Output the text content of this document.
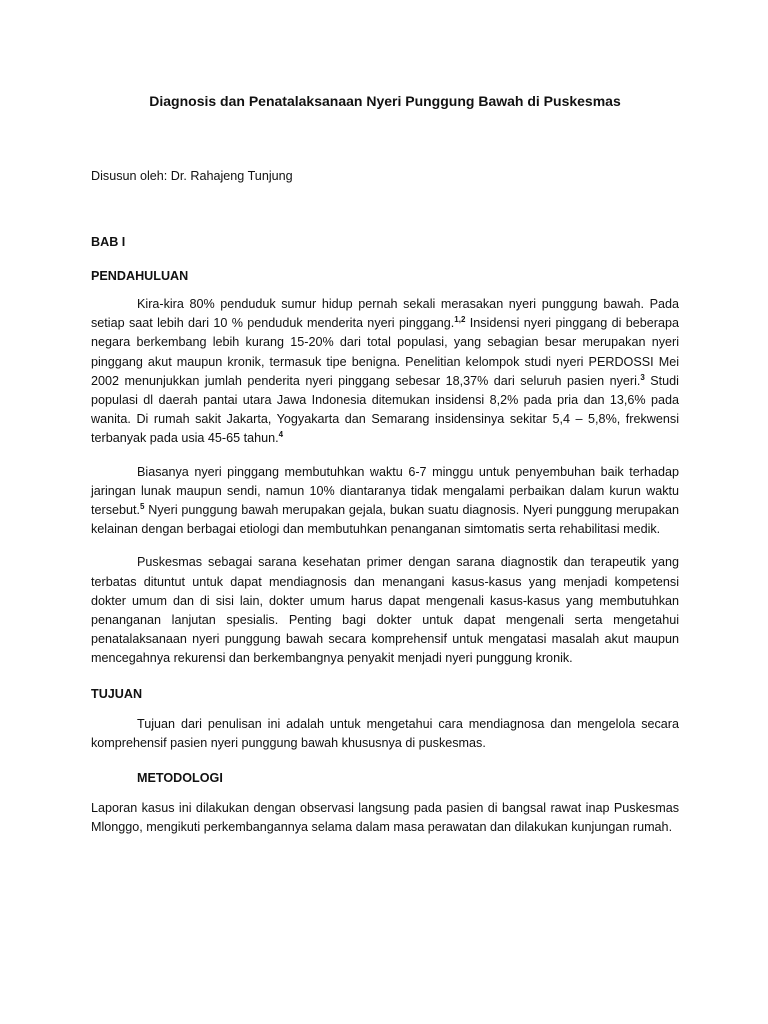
Diagnosis dan Penatalaksanaan Nyeri Punggung Bawah di Puskesmas

Disusun oleh: Dr. Rahajeng Tunjung

BAB I

PENDAHULUAN

Kira-kira 80% penduduk sumur hidup pernah sekali merasakan nyeri punggung bawah. Pada setiap saat lebih dari 10 % penduduk menderita nyeri pinggang.$^{1,2}$ Insidensi nyeri pinggang di beberapa negara berkembang lebih kurang 15-20% dari total populasi, yang sebagian besar merupakan nyeri pinggang akut maupun kronik, termasuk tipe benigna. Penelitian kelompok studi nyeri PERDOSSI Mei 2002 menunjukkan jumlah penderita nyeri pinggang sebesar 18,37% dari seluruh pasien nyeri.$^3$ Studi populasi dl daerah pantai utara Jawa Indonesia ditemukan insidensi 8,2% pada pria dan 13,6% pada wanita. Di rumah sakit Jakarta, Yogyakarta dan Semarang insidensinya sekitar 5,4 – 5,8%, frekwensi terbanyak pada usia 45-65 tahun.$^4$

Biasanya nyeri pinggang membutuhkan waktu 6-7 minggu untuk penyembuhan baik terhadap jaringan lunak maupun sendi, namun 10% diantaranya tidak mengalami perbaikan dalam kurun waktu tersebut.$^5$ Nyeri punggung bawah merupakan gejala, bukan suatu diagnosis. Nyeri punggung merupakan kelainan dengan berbagai etiologi dan membutuhkan penanganan simtomatis serta rehabilitasi medik.

Puskesmas sebagai sarana kesehatan primer dengan sarana diagnostik dan terapeutik yang terbatas dituntut untuk dapat mendiagnosis dan menangani kasus-kasus yang menjadi kompetensi dokter umum dan di sisi lain, dokter umum harus dapat mengenali kasus-kasus yang membutuhkan penanganan lanjutan spesialis. Penting bagi dokter untuk dapat mengenali serta mengetahui penatalaksanaan nyeri punggung bawah secara komprehensif untuk mengatasi masalah akut maupun mencegahnya rekurensi dan berkembangnya penyakit menjadi nyeri punggung kronik.

TUJUAN

Tujuan dari penulisan ini adalah untuk mengetahui cara mendiagnosa dan mengelola secara komprehensif pasien nyeri punggung bawah khususnya di puskesmas.

METODOLOGI

Laporan kasus ini dilakukan dengan observasi langsung pada pasien di bangsal rawat inap Puskesmas Mlonggo, mengikuti perkembangannya selama dalam masa perawatan dan dilakukan kunjungan rumah.
